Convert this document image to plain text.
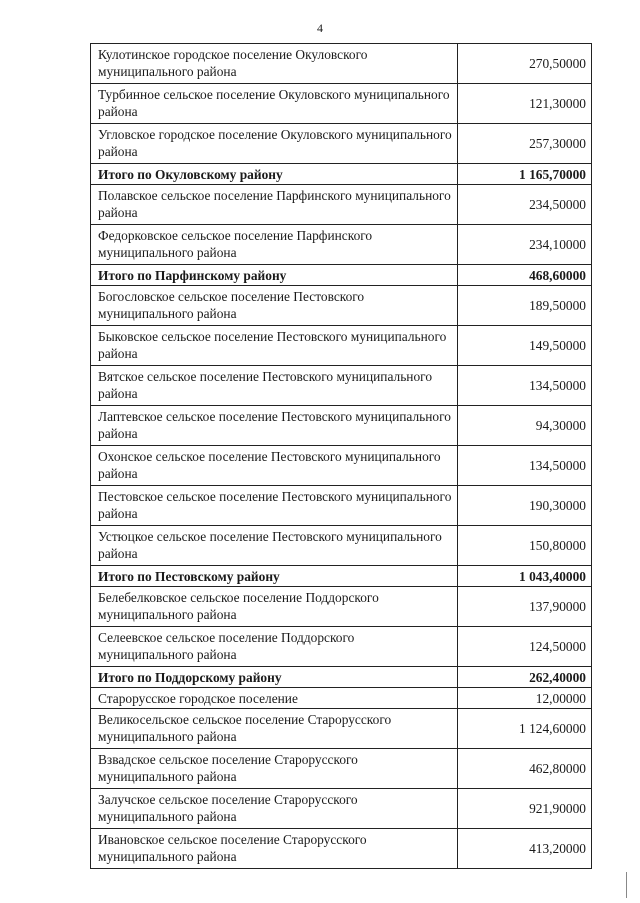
4
Кулотинское городское поселение Окуловского муниципального района	270,50000
Турбинное сельское поселение Окуловского муниципального района	121,30000
Угловское городское поселение Окуловского муниципального района	257,30000
Итого по Окуловскому району	1 165,70000
Полавское сельское поселение Парфинского муниципального района	234,50000
Федорковское сельское поселение Парфинского муниципального района	234,10000
Итого по Парфинскому району	468,60000
Богословское сельское поселение Пестовского муниципального района	189,50000
Быковское сельское поселение Пестовского муниципального района	149,50000
Вятское сельское поселение Пестовского муниципального района	134,50000
Лаптевское сельское поселение Пестовского муниципального района	94,30000
Охонское сельское поселение Пестовского муниципального района	134,50000
Пестовское сельское поселение Пестовского муниципального района	190,30000
Устюцкое сельское поселение Пестовского муниципального района	150,80000
Итого по Пестовскому району	1 043,40000
Белебелковское сельское поселение Поддорского муниципального района	137,90000
Селеевское сельское поселение Поддорского муниципального района	124,50000
Итого по Поддорскому району	262,40000
Старорусское городское поселение	12,00000
Великосельское сельское поселение Старорусского муниципального района	1 124,60000
Взвадское сельское поселение Старорусского муниципального района	462,80000
Залучское сельское поселение Старорусского муниципального района	921,90000
Ивановское сельское поселение Старорусского муниципального района	413,20000
